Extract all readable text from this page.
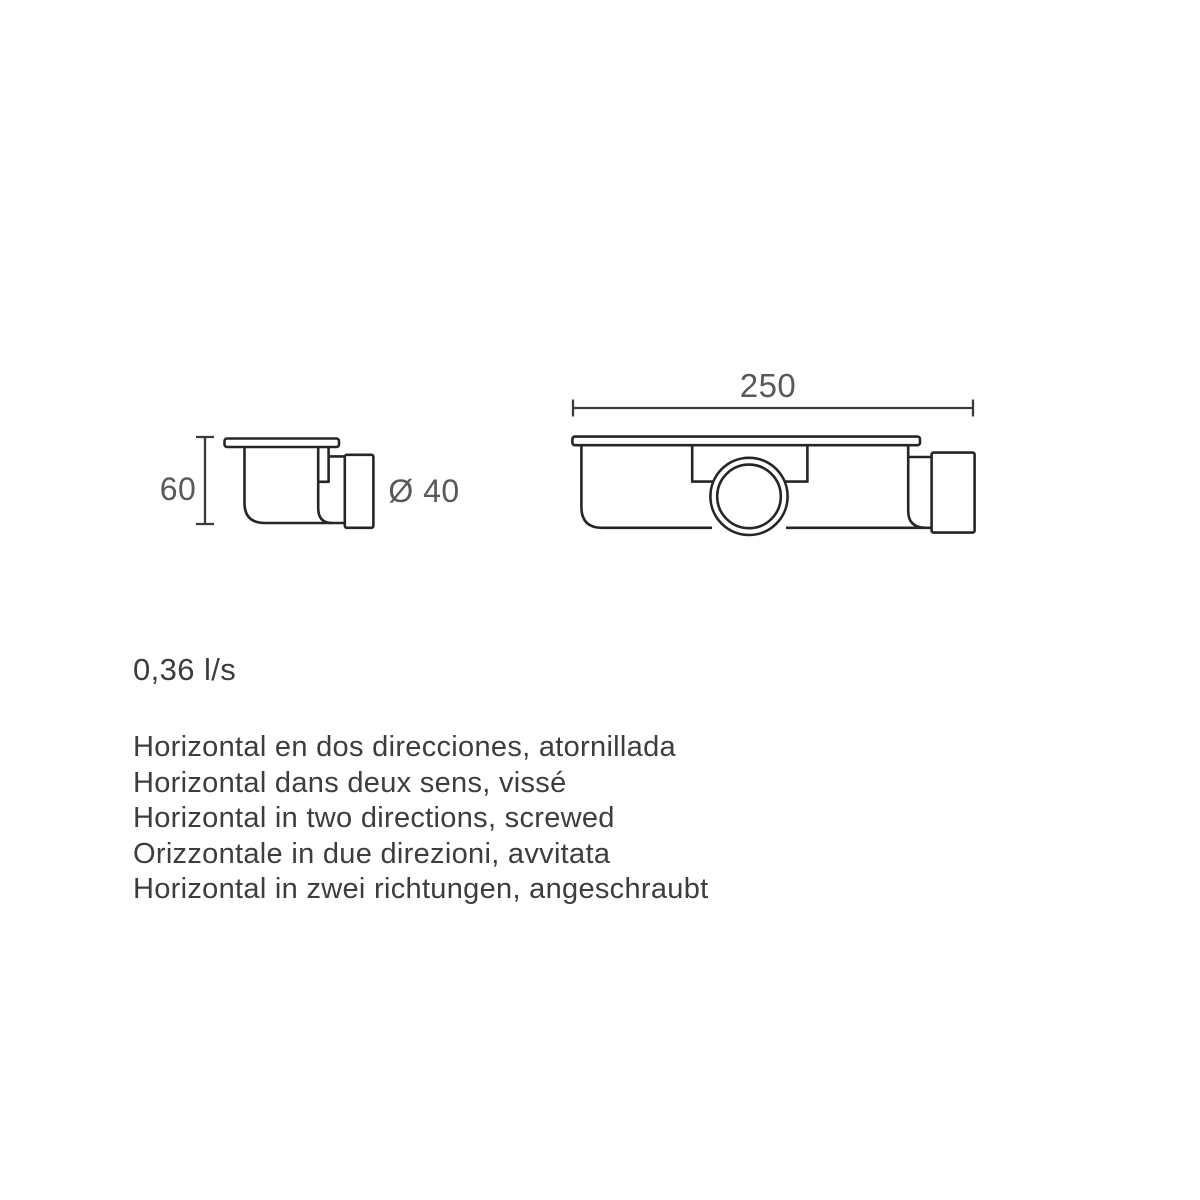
60	Ø 40
250
0,36 l/s
Horizontal en dos direcciones, atornillada
Horizontal dans deux sens, vissé
Horizontal in two directions, screwed
Orizzontale in due direzioni, avvitata
Horizontal in zwei richtungen, angeschraubt
